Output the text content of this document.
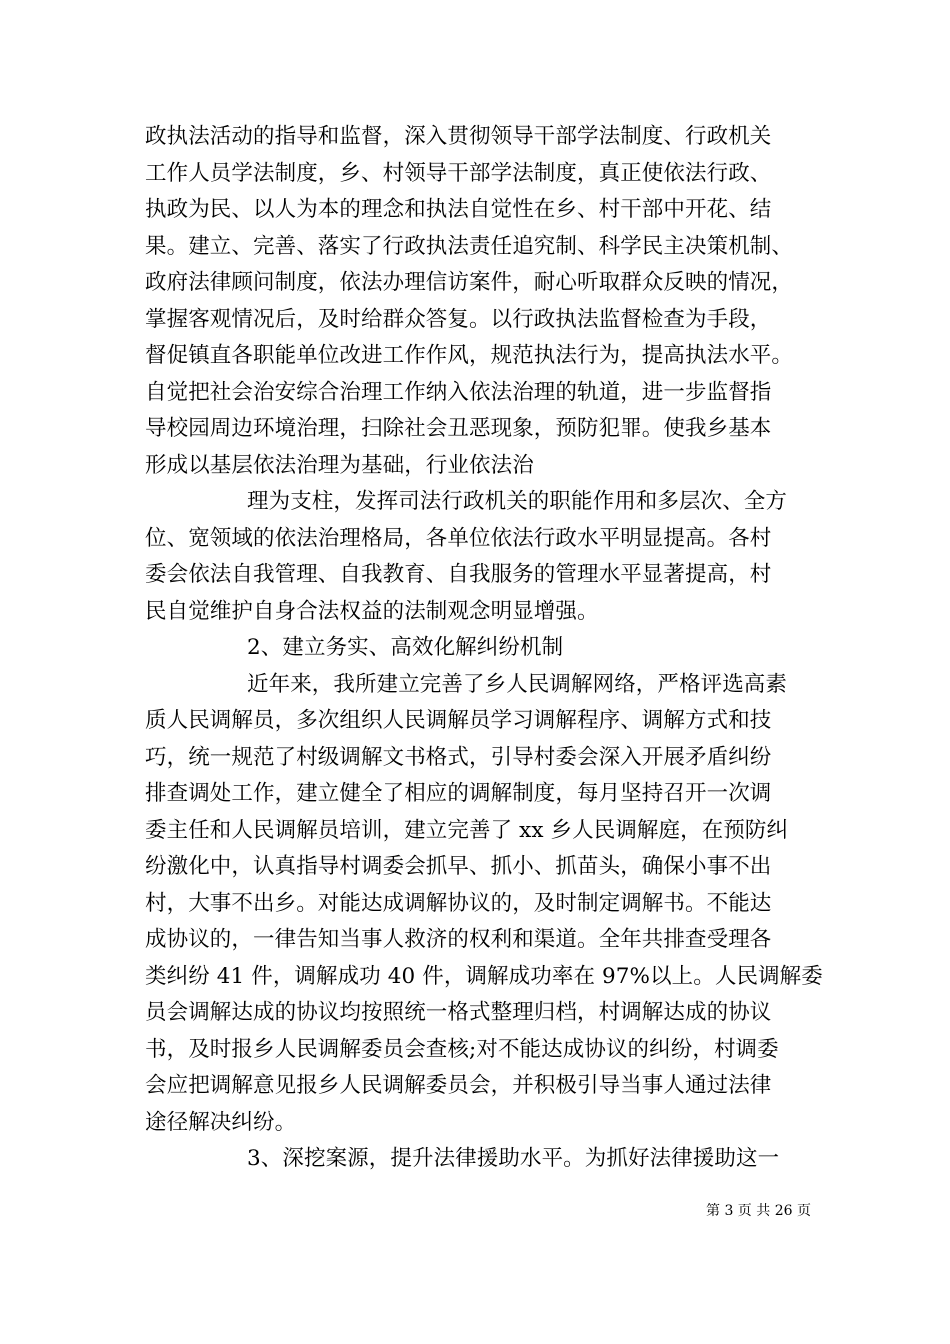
政执法活动的指导和监督，深入贯彻领导干部学法制度、行政机关
工作人员学法制度，乡、村领导干部学法制度，真正使依法行政、
执政为民、以人为本的理念和执法自觉性在乡、村干部中开花、结
果。建立、完善、落实了行政执法责任追究制、科学民主决策机制、
政府法律顾问制度，依法办理信访案件，耐心听取群众反映的情况，
掌握客观情况后，及时给群众答复。以行政执法监督检查为手段，
督促镇直各职能单位改进工作作风，规范执法行为，提高执法水平。
自觉把社会治安综合治理工作纳入依法治理的轨道，进一步监督指
导校园周边环境治理，扫除社会丑恶现象，预防犯罪。使我乡基本
形成以基层依法治理为基础，行业依法治
理为支柱，发挥司法行政机关的职能作用和多层次、全方
位、宽领域的依法治理格局，各单位依法行政水平明显提高。各村
委会依法自我管理、自我教育、自我服务的管理水平显著提高，村
民自觉维护自身合法权益的法制观念明显增强。
2、建立务实、高效化解纠纷机制
近年来，我所建立完善了乡人民调解网络，严格评选高素
质人民调解员，多次组织人民调解员学习调解程序、调解方式和技
巧，统一规范了村级调解文书格式，引导村委会深入开展矛盾纠纷
排查调处工作，建立健全了相应的调解制度，每月坚持召开一次调
委主任和人民调解员培训，建立完善了 xx 乡人民调解庭，在预防纠
纷激化中，认真指导村调委会抓早、抓小、抓苗头，确保小事不出
村，大事不出乡。对能达成调解协议的，及时制定调解书。不能达
成协议的，一律告知当事人救济的权利和渠道。全年共排查受理各
类纠纷 41 件，调解成功 40 件，调解成功率在 97%以上。人民调解委
员会调解达成的协议均按照统一格式整理归档，村调解达成的协议
书，及时报乡人民调解委员会查核;对不能达成协议的纠纷，村调委
会应把调解意见报乡人民调解委员会，并积极引导当事人通过法律
途径解决纠纷。
3、深挖案源，提升法律援助水平。为抓好法律援助这一
第 3 页 共 26 页
